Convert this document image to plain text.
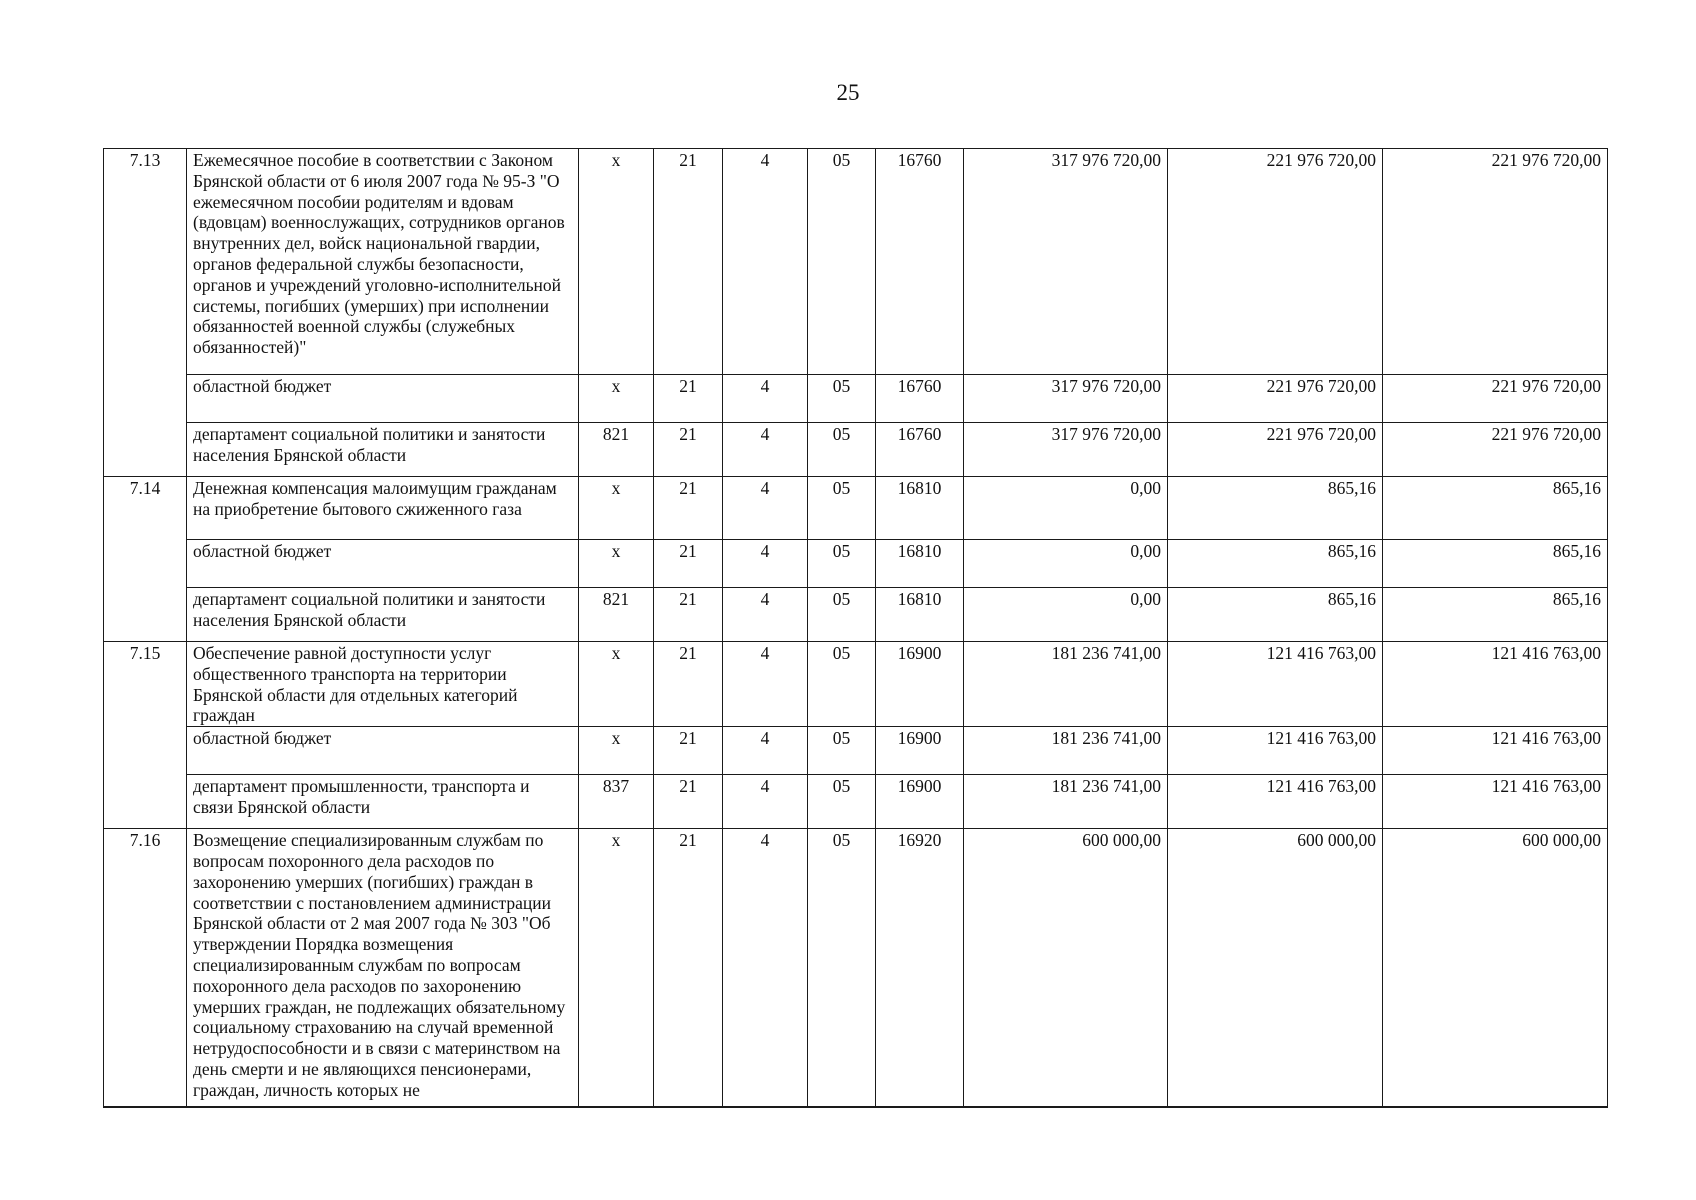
25
7.13	Ежемесячное пособие в соответствии с Законом Брянской области от 6 июля 2007 года № 95-З "О ежемесячном пособии родителям и вдовам (вдовцам) военнослужащих, сотрудников органов внутренних дел, войск национальной гвардии, органов федеральной службы безопасности, органов и учреждений уголовно-исполнительной системы, погибших (умерших) при исполнении обязанностей военной службы (служебных обязанностей)"	х	21	4	05	16760	317 976 720,00	221 976 720,00	221 976 720,00
	областной бюджет	х	21	4	05	16760	317 976 720,00	221 976 720,00	221 976 720,00
	департамент социальной политики и занятости населения Брянской области	821	21	4	05	16760	317 976 720,00	221 976 720,00	221 976 720,00
7.14	Денежная компенсация малоимущим гражданам на приобретение бытового сжиженного газа	х	21	4	05	16810	0,00	865,16	865,16
	областной бюджет	х	21	4	05	16810	0,00	865,16	865,16
	департамент социальной политики и занятости населения Брянской области	821	21	4	05	16810	0,00	865,16	865,16
7.15	Обеспечение равной доступности услуг общественного транспорта на территории Брянской области для отдельных категорий граждан	х	21	4	05	16900	181 236 741,00	121 416 763,00	121 416 763,00
	областной бюджет	х	21	4	05	16900	181 236 741,00	121 416 763,00	121 416 763,00
	департамент промышленности, транспорта и связи Брянской области	837	21	4	05	16900	181 236 741,00	121 416 763,00	121 416 763,00
7.16	Возмещение специализированным службам по вопросам похоронного дела расходов по захоронению умерших (погибших) граждан в соответствии с постановлением администрации Брянской области от 2 мая 2007 года № 303 "Об утверждении Порядка возмещения специализированным службам по вопросам похоронного дела расходов по захоронению умерших граждан, не подлежащих обязательному социальному страхованию на случай временной нетрудоспособности и в связи с материнством на день смерти и не являющихся пенсионерами, граждан, личность которых не	х	21	4	05	16920	600 000,00	600 000,00	600 000,00
